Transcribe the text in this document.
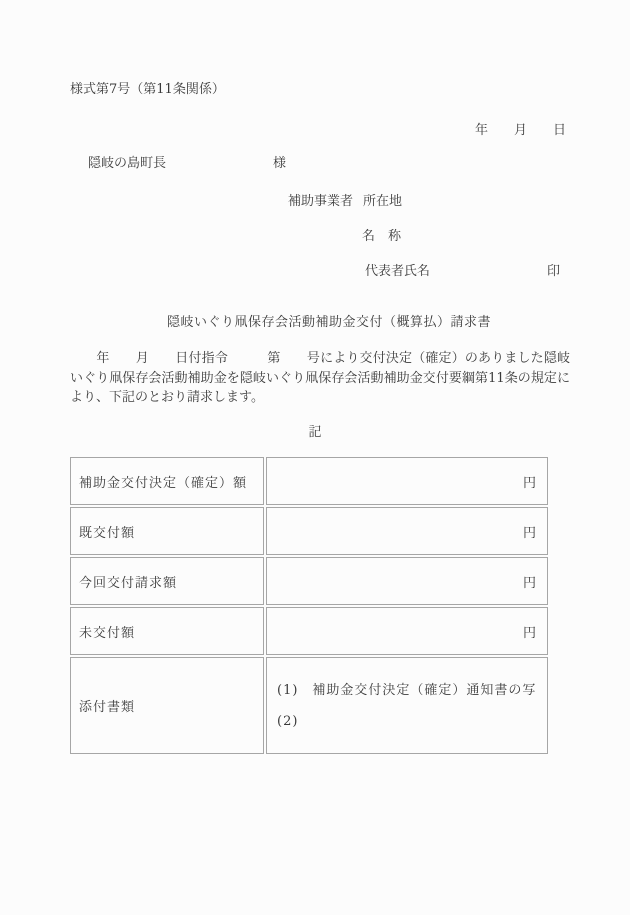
様式第7号（第11条関係）
年　　月　　日
隠岐の島町長	様
補助事業者 所在地
名　称
代表者氏名	印
隠岐いぐり凧保存会活動補助金交付（概算払）請求書
　　年　　月　　日付指令　　　第　　号により交付決定（確定）のありました隠岐いぐり凧保存会活動補助金を隠岐いぐり凧保存会活動補助金交付要綱第11条の規定により、下記のとおり請求します。
記
補助金交付決定（確定）額	円
既交付額	円
今回交付請求額	円
未交付額	円
添付書類	(1)　補助金交付決定（確定）通知書の写
(2)
